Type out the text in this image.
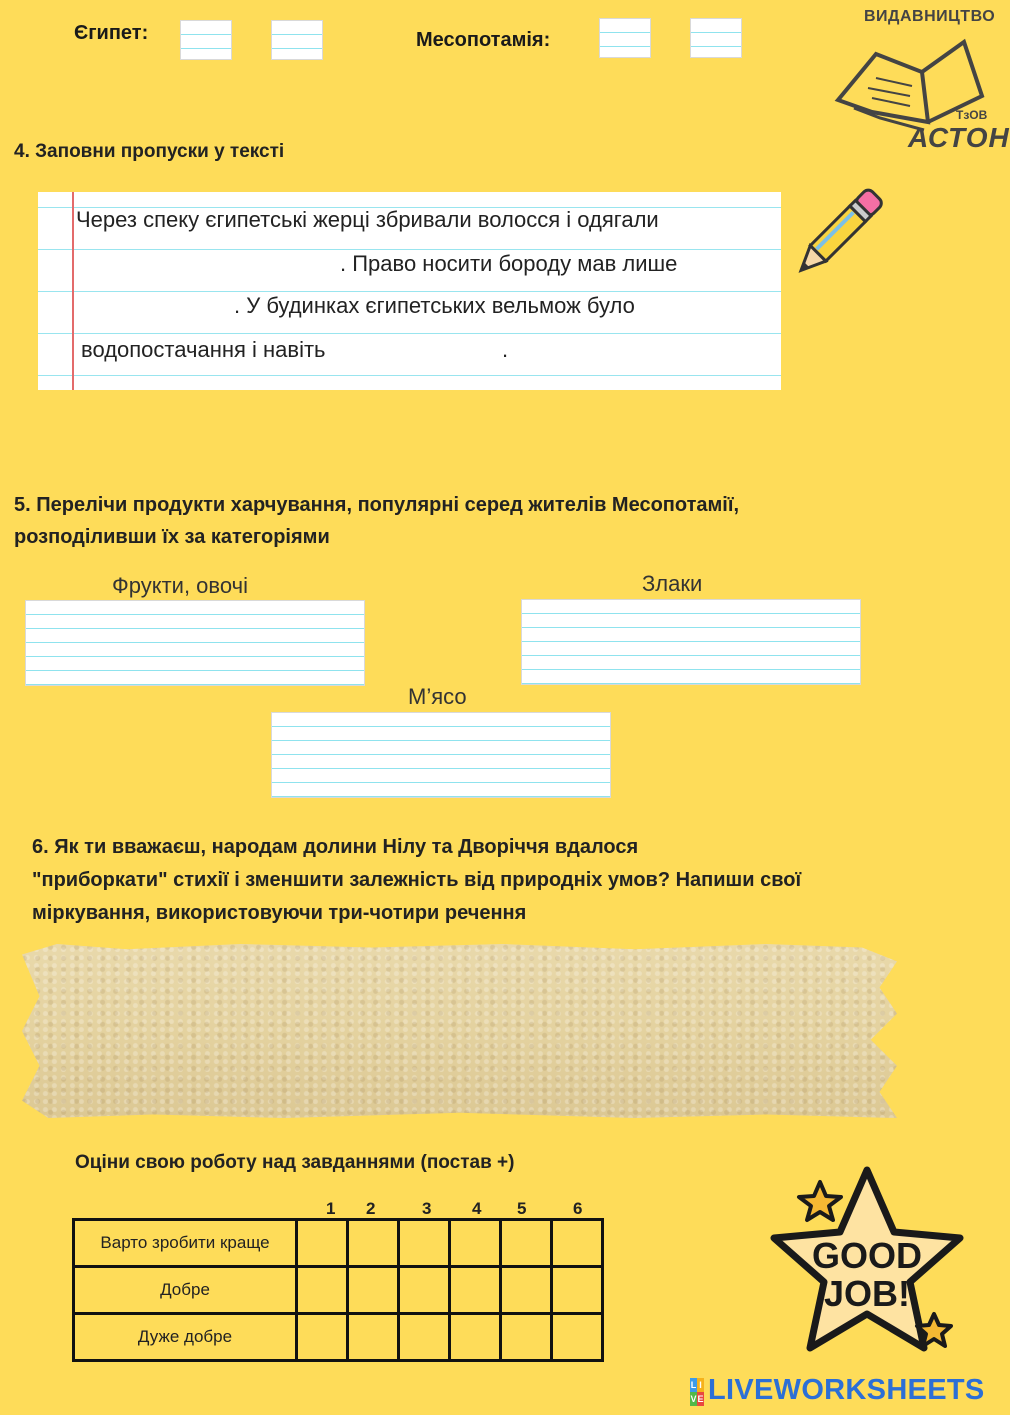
Єгипет:	Месопотамія:
ВИДАВНИЦТВО
ТзОВ
АСТОН
4. Заповни пропуски у тексті
Через спеку єгипетські жерці збривали волосся і одягали
. Право носити бороду мав лише
. У будинках єгипетських вельмож було
водопостачання і навіть	.
5. Перелічи продукти харчування, популярні серед жителів Месопотамії,
розподіливши їх за категоріями
Фрукти, овочі	Злаки
М’ясо
6. Як ти вважаєш, народам долини Нілу та Дворіччя вдалося
"приборкати" стихії і зменшити залежність від природніх умов? Напиши свої
міркування, використовуючи три-чотири речення
Оціни свою роботу над завданнями (постав +)
1 2	3 4 5	6
Варто зробити краще						
Добре						
Дуже добре						
GOOD
JOB!
L I
V E LIVEWORKSHEETS
